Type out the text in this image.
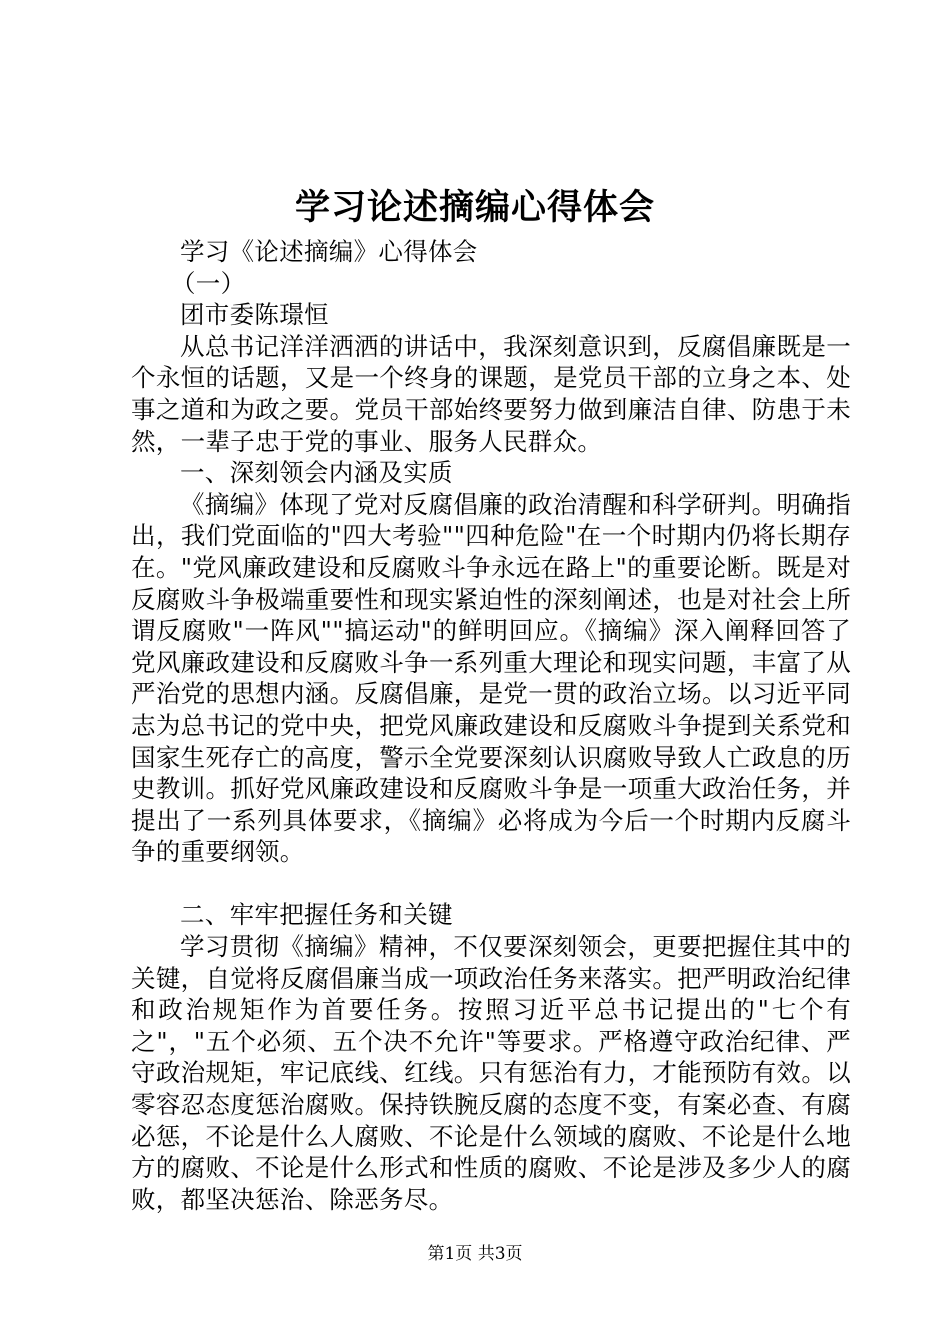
学习论述摘编心得体会

学习《论述摘编》心得体会

（一）

团市委陈璟恒

从总书记洋洋洒洒的讲话中，我深刻意识到，反腐倡廉既是一个永恒的话题，又是一个终身的课题，是党员干部的立身之本、处事之道和为政之要。党员干部始终要努力做到廉洁自律、防患于未然，一辈子忠于党的事业、服务人民群众。

一、深刻领会内涵及实质

《摘编》体现了党对反腐倡廉的政治清醒和科学研判。明确指出，我们党面临的"四大考验""四种危险"在一个时期内仍将长期存在。"党风廉政建设和反腐败斗争永远在路上"的重要论断。既是对反腐败斗争极端重要性和现实紧迫性的深刻阐述，也是对社会上所谓反腐败"一阵风""搞运动"的鲜明回应。《摘编》深入阐释回答了党风廉政建设和反腐败斗争一系列重大理论和现实问题，丰富了从严治党的思想内涵。反腐倡廉，是党一贯的政治立场。以习近平同志为总书记的党中央，把党风廉政建设和反腐败斗争提到关系党和国家生死存亡的高度，警示全党要深刻认识腐败导致人亡政息的历史教训。抓好党风廉政建设和反腐败斗争是一项重大政治任务，并提出了一系列具体要求，《摘编》必将成为今后一个时期内反腐斗争的重要纲领。

二、牢牢把握任务和关键

学习贯彻《摘编》精神，不仅要深刻领会，更要把握住其中的关键，自觉将反腐倡廉当成一项政治任务来落实。把严明政治纪律和政治规矩作为首要任务。按照习近平总书记提出的"七个有之"，"五个必须、五个决不允许"等要求。严格遵守政治纪律、严守政治规矩，牢记底线、红线。只有惩治有力，才能预防有效。以零容忍态度惩治腐败。保持铁腕反腐的态度不变，有案必查、有腐必惩，不论是什么人腐败、不论是什么领域的腐败、不论是什么地方的腐败、不论是什么形式和性质的腐败、不论是涉及多少人的腐败，都坚决惩治、除恶务尽。

第1页 共3页
